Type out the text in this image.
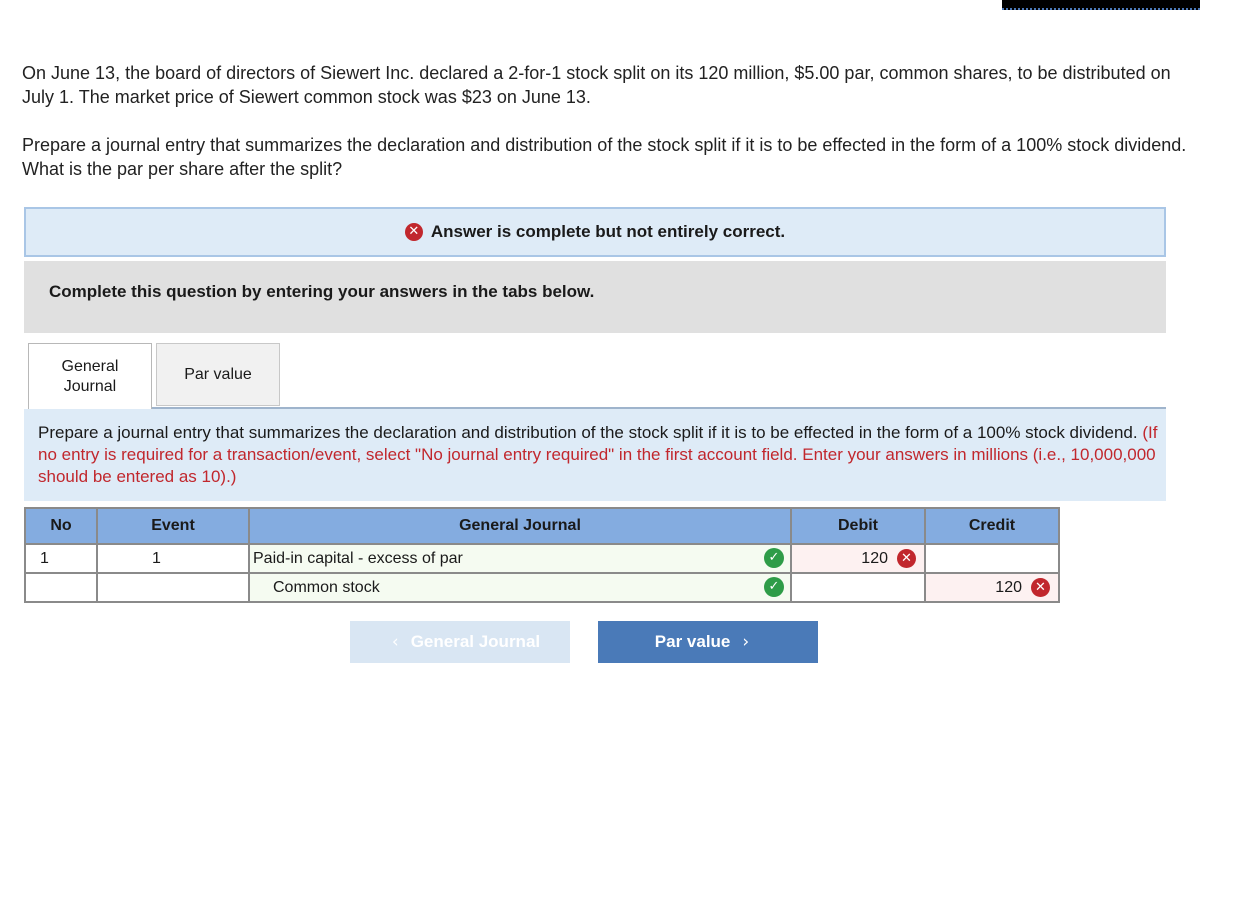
On June 13, the board of directors of Siewert Inc. declared a 2-for-1 stock split on its 120 million, $5.00 par, common shares, to be distributed on July 1. The market price of Siewert common stock was $23 on June 13.
Prepare a journal entry that summarizes the declaration and distribution of the stock split if it is to be effected in the form of a 100% stock dividend. What is the par per share after the split?
✕ Answer is complete but not entirely correct.
Complete this question by entering your answers in the tabs below.
General Journal
Par value

Prepare a journal entry that summarizes the declaration and distribution of the stock split if it is to be effected in the form of a 100% stock dividend. (If no entry is required for a transaction/event, select "No journal entry required" in the first account field. Enter your answers in millions (i.e., 10,000,000 should be entered as 10).)

No	Event	General Journal	Debit	Credit
1	1	Paid-in capital - excess of par ✓	120 ✕	

		Common stock ✓		120 ✕
‹ General Journal	Par value ›
